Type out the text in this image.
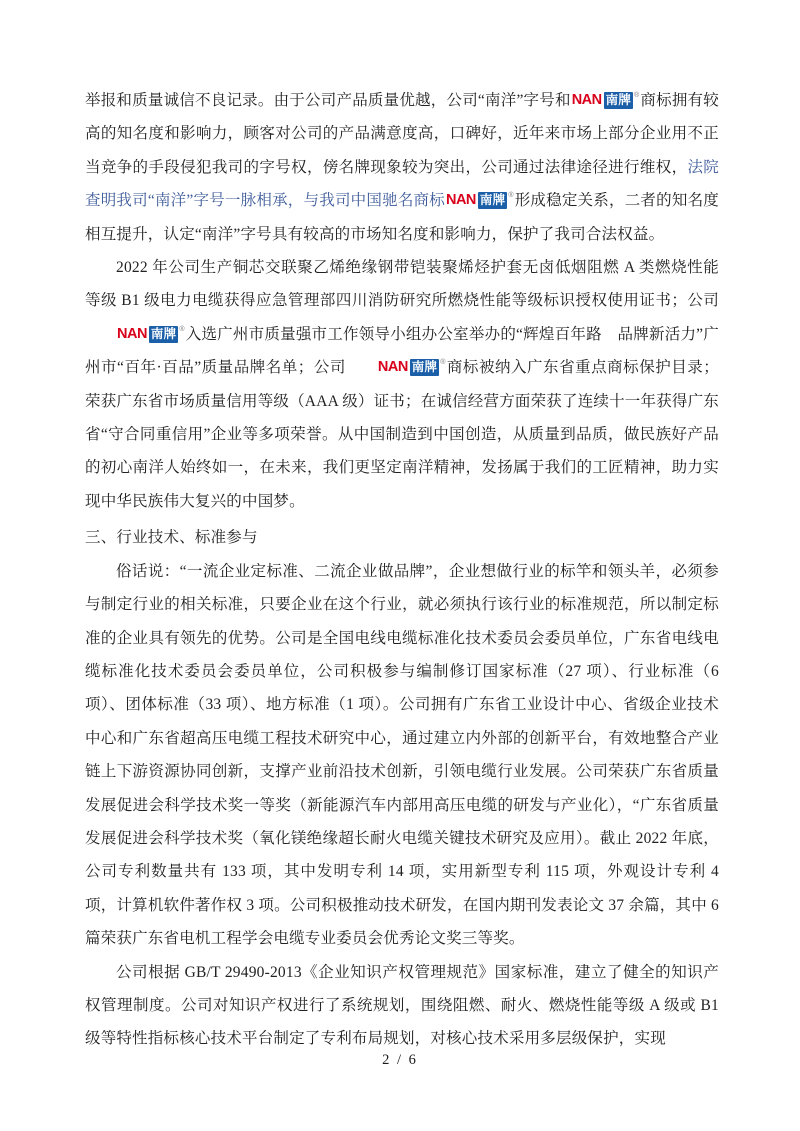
举报和质量诚信不良记录。由于公司产品质量优越，公司“南洋”字号和NAN 南牌 ®商标拥有较高的知名度和影响力，顾客对公司的产品满意度高，口碑好，近年来市场上部分企业用不正当竞争的手段侵犯我司的字号权，傍名牌现象较为突出，公司通过法律途径进行维权，法院查明我司“南洋”字号一脉相承，与我司中国驰名商标NAN 南牌 ®形成稳定关系，二者的知名度相互提升，认定“南洋”字号具有较高的市场知名度和影响力，保护了我司合法权益。

2022 年公司生产铜芯交联聚乙烯绝缘钢带铠装聚烯烃护套无卤低烟阻燃 A 类燃烧性能等级 B1 级电力电缆获得应急管理部四川消防研究所燃烧性能等级标识授权使用证书；公司NAN 南牌 ®入选广州市质量强市工作领导小组办公室举办的“辉煌百年路　品牌新活力”广州市“百年·百品”质量品牌名单；公司 NAN 南牌 ®商标被纳入广东省重点商标保护目录；荣获广东省市场质量信用等级（AAA 级）证书；在诚信经营方面荣获了连续十一年获得广东省“守合同重信用”企业等多项荣誉。从中国制造到中国创造，从质量到品质，做民族好产品的初心南洋人始终如一，在未来，我们更坚定南洋精神，发扬属于我们的工匠精神，助力实现中华民族伟大复兴的中国梦。

三、行业技术、标准参与

俗话说：“一流企业定标准、二流企业做品牌”，企业想做行业的标竿和领头羊，必须参与制定行业的相关标准，只要企业在这个行业，就必须执行该行业的标准规范，所以制定标准的企业具有领先的优势。公司是全国电线电缆标准化技术委员会委员单位，广东省电线电缆标准化技术委员会委员单位，公司积极参与编制修订国家标准（27 项）、行业标准（6 项）、团体标准（33 项）、地方标准（1 项）。公司拥有广东省工业设计中心、省级企业技术中心和广东省超高压电缆工程技术研究中心，通过建立内外部的创新平台，有效地整合产业链上下游资源协同创新，支撑产业前沿技术创新，引领电缆行业发展。公司荣获广东省质量发展促进会科学技术奖一等奖（新能源汽车内部用高压电缆的研发与产业化），“广东省质量发展促进会科学技术奖（氧化镁绝缘超长耐火电缆关键技术研究及应用）。截止 2022 年底，公司专利数量共有 133 项，其中发明专利 14 项，实用新型专利 115 项，外观设计专利 4 项，计算机软件著作权 3 项。公司积极推动技术研发，在国内期刊发表论文 37 余篇，其中 6 篇荣获广东省电机工程学会电缆专业委员会优秀论文奖三等奖。

公司根据 GB/T 29490-2013《企业知识产权管理规范》国家标准，建立了健全的知识产权管理制度。公司对知识产权进行了系统规划，围绕阻燃、耐火、燃烧性能等级 A 级或 B1 级等特性指标核心技术平台制定了专利布局规划，对核心技术采用多层级保护，实现

2 / 6
